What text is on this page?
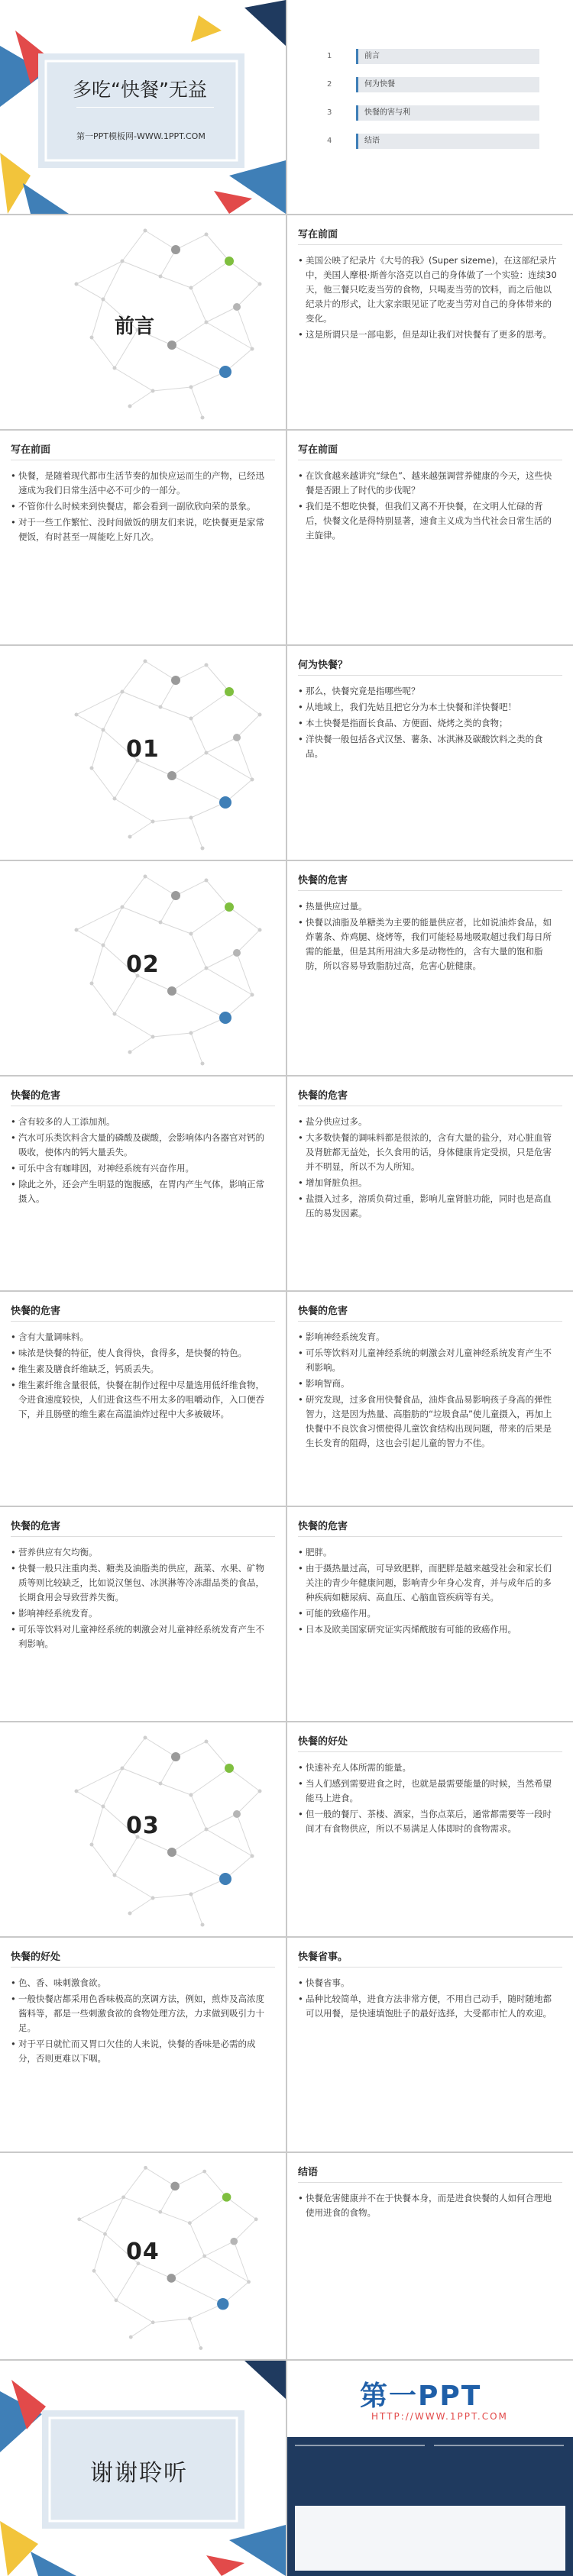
多吃“快餐”无益
第一PPT模板网-WWW.1PPT.COM
1	前言
2	何为快餐
3	快餐的害与利
4	结语
前言
写在前面
• 美国公映了纪录片《大号的我》(Super sizeme)，在这部纪录片中，美国人摩根·斯普尔洛克以自己的身体做了一个实验：连续30天，他三餐只吃麦当劳的食物，只喝麦当劳的饮料，而之后他以纪录片的形式，让大家亲眼见证了吃麦当劳对自己的身体带来的变化。
• 这是所谓只是一部电影，但是却让我们对快餐有了更多的思考。
写在前面
• 快餐，是随着现代都市生活节奏的加快应运而生的产物，已经迅速成为我们日常生活中必不可少的一部分。
• 不管你什么时候来到快餐店，都会看到一副欣欣向荣的景象。
• 对于一些工作繁忙、没时间做饭的朋友们来说，吃快餐更是家常便饭，有时甚至一周能吃上好几次。
写在前面
• 在饮食越来越讲究“绿色”、越来越强调营养健康的今天，这些快餐是否跟上了时代的步伐呢？
• 我们是不想吃快餐，但我们又离不开快餐，在文明人忙碌的背后，快餐文化是得特别显著，速食主义成为当代社会日常生活的主旋律。
01
何为快餐？
• 那么，快餐究竟是指哪些呢？
• 从地域上，我们先姑且把它分为本土快餐和洋快餐吧！
• 本土快餐是指面长食品、方便面、烧烤之类的食物；
• 洋快餐一般包括各式汉堡、薯条、冰淇淋及碳酸饮料之类的食品。
02
快餐的危害
• 热量供应过量。
• 快餐以油脂及单糖类为主要的能量供应者，比如说油炸食品，如炸薯条、炸鸡腿、烧烤等，我们可能轻易地吸取超过我们每日所需的能量，但是其所用油大多是动物性的，含有大量的饱和脂肪，所以容易导致脂肪过高，危害心脏健康。
快餐的危害
• 含有较多的人工添加剂。
• 汽水可乐类饮料含大量的磷酸及碳酸，会影响体内各器官对钙的吸收，使体内的钙大量丢失。
• 可乐中含有咖啡因，对神经系统有兴奋作用。
• 除此之外，还会产生明显的饱腹感，在胃内产生气体，影响正常摄入。
快餐的危害
• 盐分供应过多。
• 大多数快餐的调味料都是很浓的，含有大量的盐分，对心脏血管及肾脏都无益处，长久食用的话，身体健康肯定受损，只是危害并不明显，所以不为人所知。
• 增加肾脏负担。
• 盐摄入过多，溶质负荷过重，影响儿童肾脏功能，同时也是高血压的易发因素。
快餐的危害
• 含有大量调味料。
• 味浓是快餐的特征，使人食得快，食得多，是快餐的特色。
• 维生素及膳食纤维缺乏，钙质丢失。
• 维生素纤维含量很低，快餐在制作过程中尽量选用低纤维食物，令进食速度较快，人们进食这些不用太多的咀嚼动作，入口便吞下，并且肠壁的维生素在高温油炸过程中大多被破坏。
快餐的危害
• 影响神经系统发育。
• 可乐等饮料对儿童神经系统的刺激会对儿童神经系统发育产生不利影响。
• 影响智商。
• 研究发现，过多食用快餐食品，油炸食品易影响孩子身高的弹性智力，这是因为热量、高脂肪的“垃圾食品”使儿童摄入，再加上快餐中不良饮食习惯使得儿童饮食结构出现问题，带来的后果是生长发育的阻碍，这也会引起儿童的智力不佳。
快餐的危害
• 营养供应有欠均衡。
• 快餐一般只注重肉类、糖类及油脂类的供应，蔬菜、水果、矿物质等则比较缺乏，比如说汉堡包、冰淇淋等冷冻甜品类的食品，长期食用会导致营养失衡。
• 影响神经系统发育。
• 可乐等饮料对儿童神经系统的刺激会对儿童神经系统发育产生不利影响。
快餐的危害
• 肥胖。
• 由于摄热量过高，可导致肥胖，而肥胖是越来越受社会和家长们关注的青少年健康问题，影响青少年身心发育，并与成年后的多种疾病如糖尿病、高血压、心脑血管疾病等有关。
• 可能的致癌作用。
• 日本及欧美国家研究证实丙烯酰胺有可能的致癌作用。
03
快餐的好处
• 快速补充人体所需的能量。
• 当人们感到需要进食之时，也就是最需要能量的时候，当然希望能马上进食。
• 但一般的餐厅、茶楼、酒家，当你点菜后，通常都需要等一段时间才有食物供应，所以不易满足人体即时的食物需求。
快餐的好处
• 色、香、味刺激食欲。
• 一般快餐店都采用色香味极高的烹调方法，例如，煎炸及高浓度酱料等，都是一些刺激食欲的食物处理方法，力求做到吸引力十足。
• 对于平日就忙而又胃口欠佳的人来说，快餐的香味是必需的成分，否则更难以下咽。
快餐省事。
• 快餐省事。
• 品种比较简单，进食方法非常方便，不用自己动手，随时随地都可以用餐，是快速填饱肚子的最好选择，大受都市忙人的欢迎。
04
结语
• 快餐危害健康并不在于快餐本身，而是进食快餐的人如何合理地使用进食的食物。
谢谢聆听
第一PPT
HTTP://WWW.1PPT.COM
